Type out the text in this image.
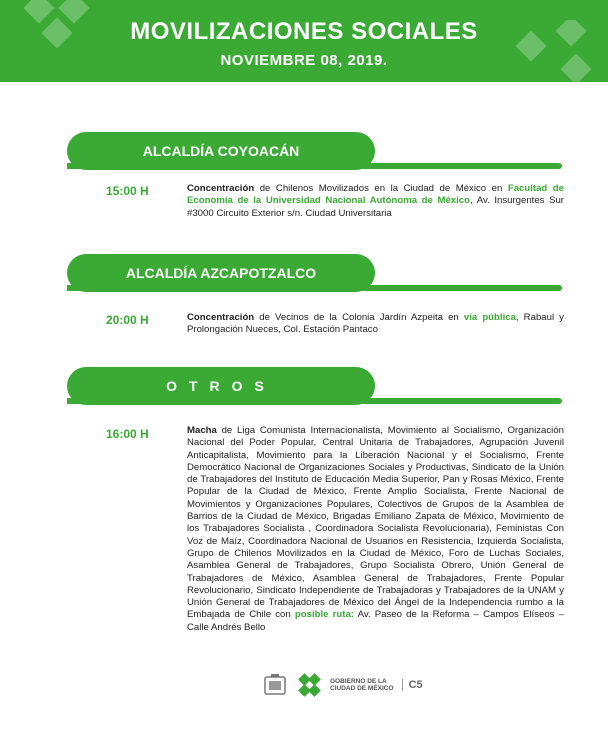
MOVILIZACIONES SOCIALES
NOVIEMBRE 08, 2019.
ALCALDÍA COYOACÁN
15:00 H	Concentración de Chilenos Movilizados en la Ciudad de México en Facultad de Economía de la Universidad Nacional Autónoma de México, Av. Insurgentes Sur #3000 Circuito Exterior s/n. Ciudad Universitaria
ALCALDÍA AZCAPOTZALCO
20:00 H	Concentración de Vecinos de la Colonia Jardín Azpeita en vía pública, Rabaul y Prolongación Nueces, Col. Estación Pantaco
OTROS
16:00 H	Macha de Liga Comunista Internacionalista, Movimiento al Socialismo, Organización Nacional del Poder Popular, Central Unitaria de Trabajadores, Agrupación Juvenil Anticapitalista, Movimiento para la Liberación Nacional y el Socialismo, Frente Democrático Nacional de Organizaciones Sociales y Productivas, Sindicato de la Unión de Trabajadores del Instituto de Educación Media Superior, Pan y Rosas México, Frente Popular de la Ciudad de México, Frente Amplio Socialista, Frente Nacional de Movimientos y Organizaciones Populares, Colectivos de Grupos de la Asamblea de Barrios de la Ciudad de México, Brigadas Emiliano Zapata de México, Movimiento de los Trabajadores Socialista , Coordinadora Socialista Revolucionaria), Feministas Con Voz de Maíz, Coordinadora Nacional de Usuarios en Resistencia, Izquierda Socialista, Grupo de Chilenos Movilizados en la Ciudad de México, Foro de Luchas Sociales, Asamblea General de Trabajadores, Grupo Socialista Obrero, Unión General de Trabajadores de México, Asamblea General de Trabajadores, Frente Popular Revolucionario, Sindicato Independiente de Trabajadoras y Trabajadores de la UNAM y Unión General de Trabajadores de México del Ángel de la Independencia rumbo a la Embajada de Chile con posible ruta: Av. Paseo de la Reforma – Campos Elíseos – Calle Andrés Bello
GOBIERNO DE LA
CIUDAD DE MÉXICO	C5
